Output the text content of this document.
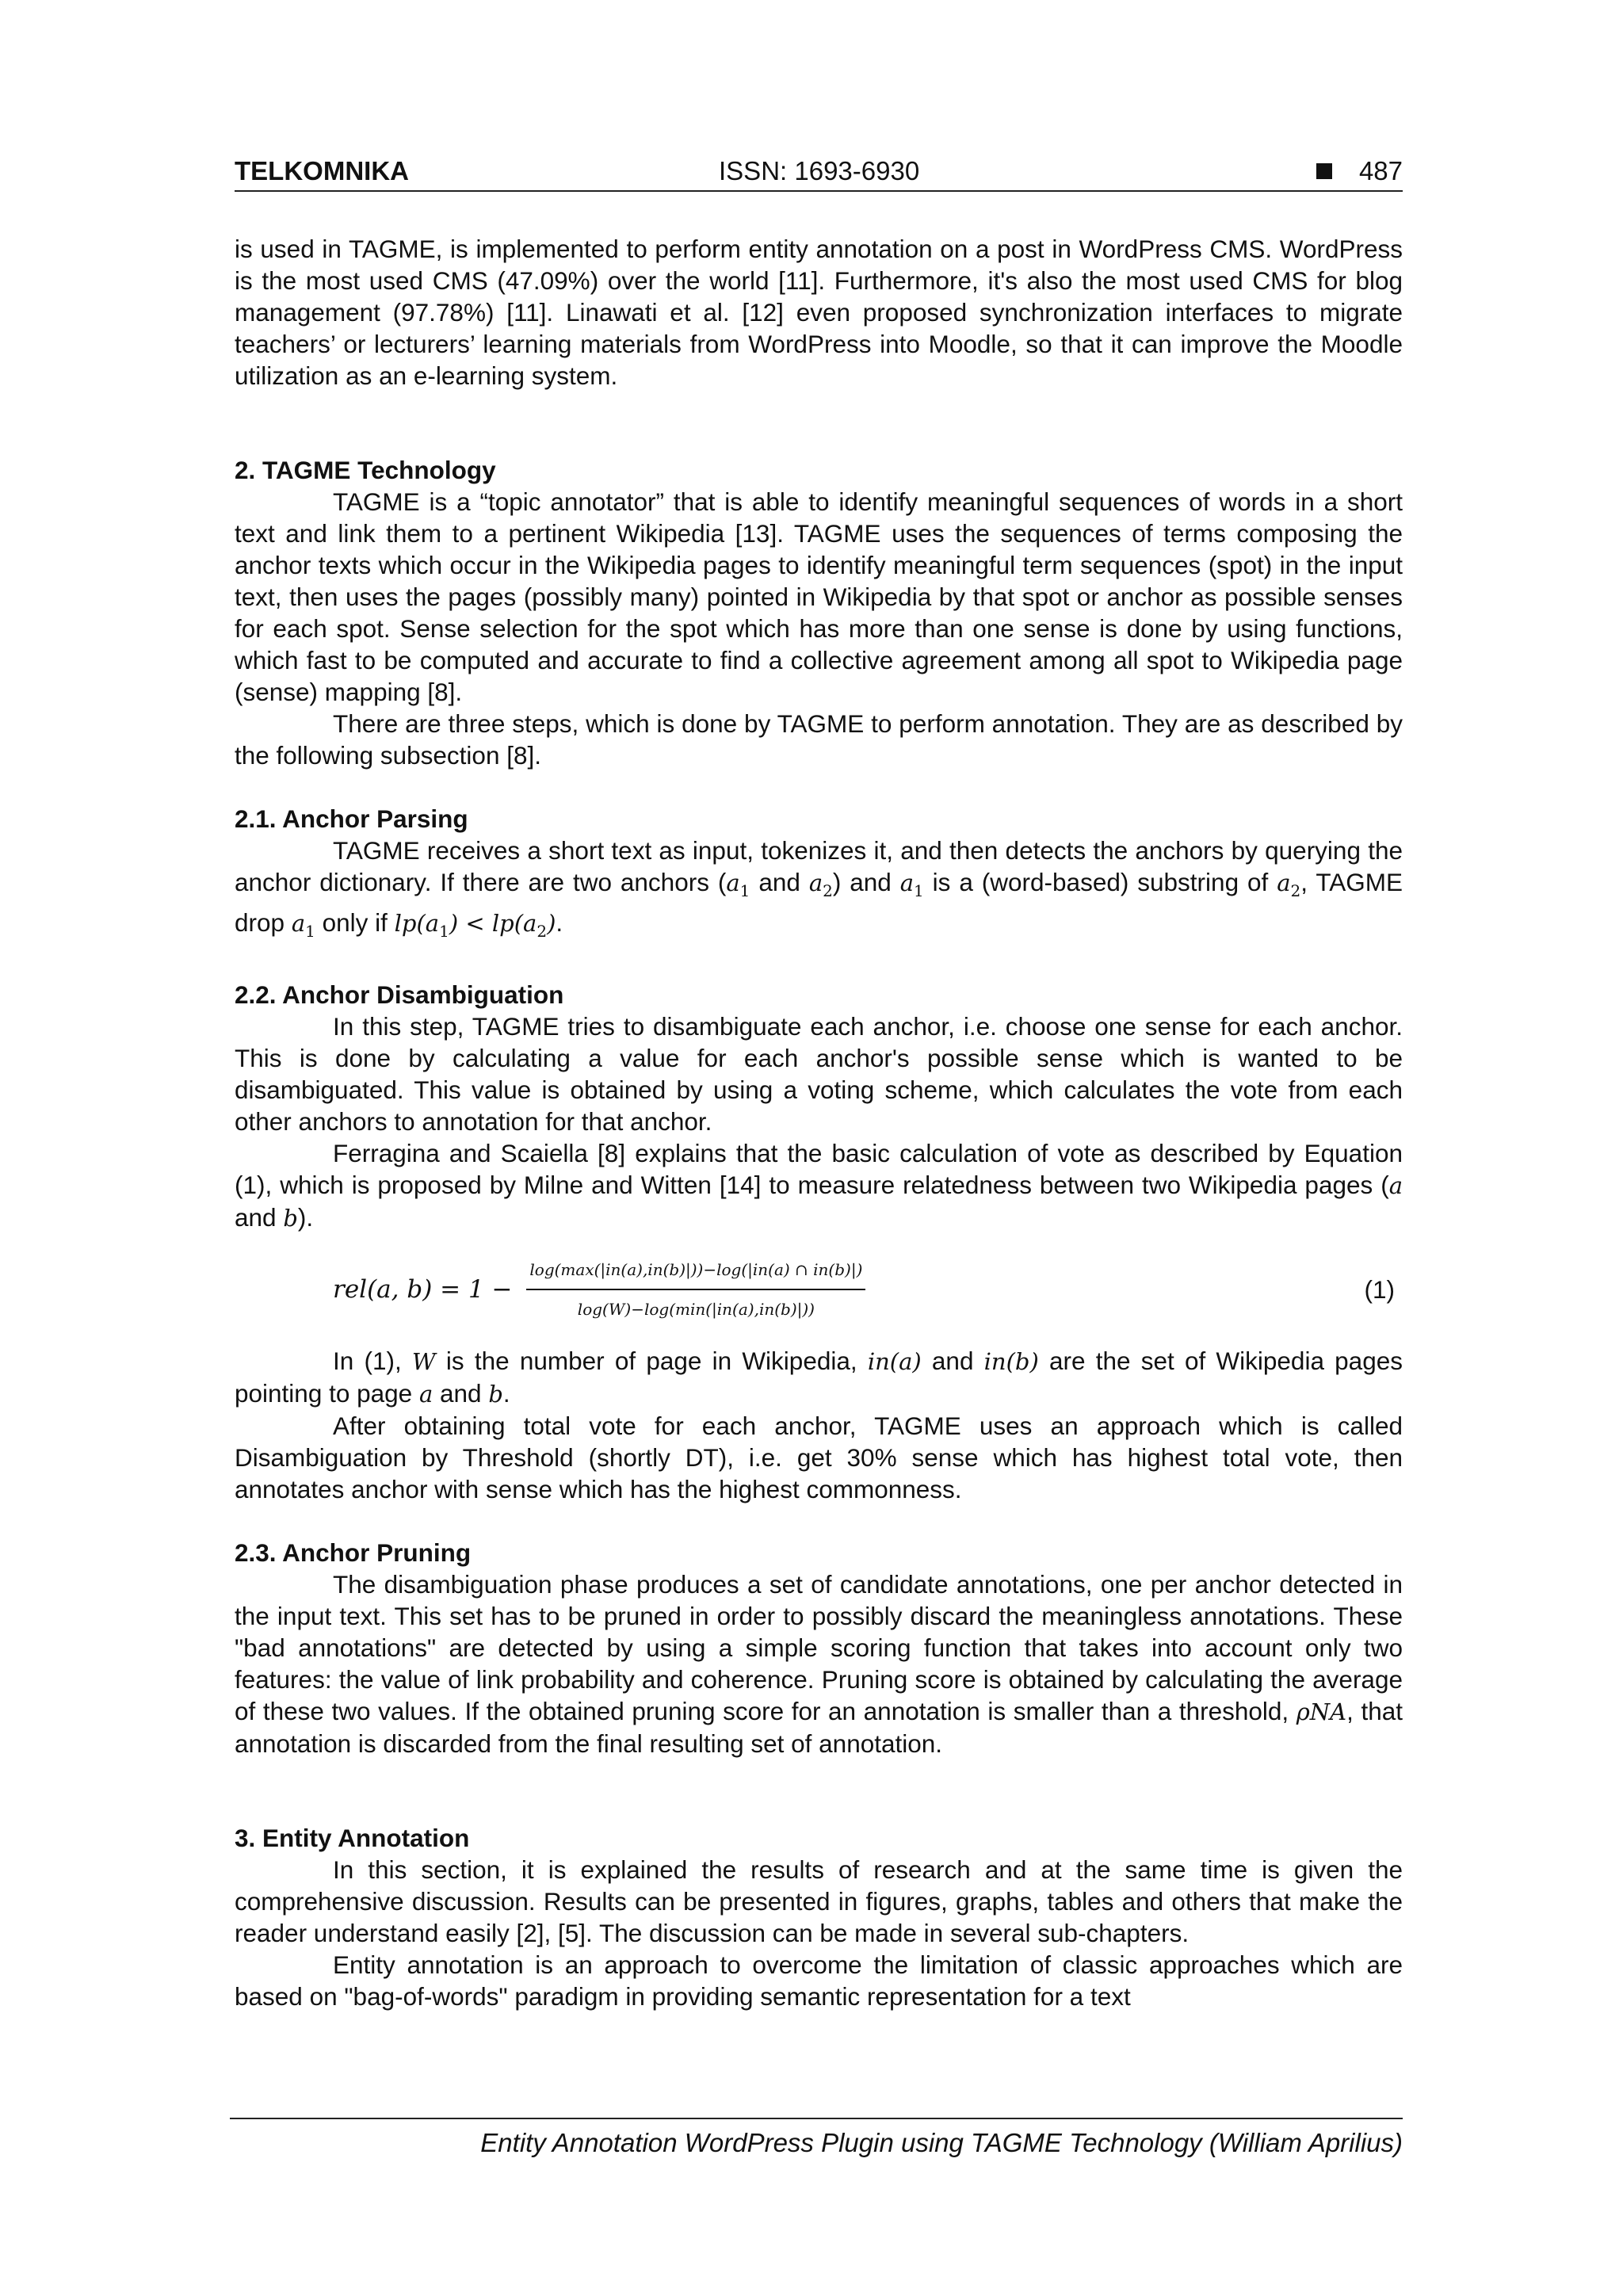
TELKOMNIKA	ISSN: 1693-6930	487

is used in TAGME, is implemented to perform entity annotation on a post in WordPress CMS. WordPress is the most used CMS (47.09%) over the world [11]. Furthermore, it's also the most used CMS for blog management (97.78%) [11]. Linawati et al. [12] even proposed synchronization interfaces to migrate teachers’ or lecturers’ learning materials from WordPress into Moodle, so that it can improve the Moodle utilization as an e-learning system.

2. TAGME Technology

TAGME is a “topic annotator” that is able to identify meaningful sequences of words in a short text and link them to a pertinent Wikipedia [13]. TAGME uses the sequences of terms composing the anchor texts which occur in the Wikipedia pages to identify meaningful term sequences (spot) in the input text, then uses the pages (possibly many) pointed in Wikipedia by that spot or anchor as possible senses for each spot. Sense selection for the spot which has more than one sense is done by using functions, which fast to be computed and accurate to find a collective agreement among all spot to Wikipedia page (sense) mapping [8].

There are three steps, which is done by TAGME to perform annotation. They are as described by the following subsection [8].

2.1. Anchor Parsing

TAGME receives a short text as input, tokenizes it, and then detects the anchors by querying the anchor dictionary. If there are two anchors ($a_1$ and $a_2$) and $a_1$ is a (word-based) substring of $a_2$, TAGME drop $a_1$ only if $lp(a_1) < lp(a_2)$.

2.2. Anchor Disambiguation

In this step, TAGME tries to disambiguate each anchor, i.e. choose one sense for each anchor. This is done by calculating a value for each anchor's possible sense which is wanted to be disambiguated. This value is obtained by using a voting scheme, which calculates the vote from each other anchors to annotation for that anchor.

Ferragina and Scaiella [8] explains that the basic calculation of vote as described by Equation (1), which is proposed by Milne and Witten [14] to measure relatedness between two Wikipedia pages (a and b).

rel(a, $b) = 1 - \frac{\log(\max(|in(a),in(b)|))-\log(|in(a) \cap in(b)|)}{\log(W)-\log(\min(|in(a),in(b)|))}$	(1)

In (1), W is the number of page in Wikipedia, in(a) and in(b) are the set of Wikipedia pages pointing to page a and b.

After obtaining total vote for each anchor, TAGME uses an approach which is called Disambiguation by Threshold (shortly DT), i.e. get 30% sense which has highest total vote, then annotates anchor with sense which has the highest commonness.

2.3. Anchor Pruning

The disambiguation phase produces a set of candidate annotations, one per anchor detected in the input text. This set has to be pruned in order to possibly discard the meaningless annotations. These "bad annotations" are detected by using a simple scoring function that takes into account only two features: the value of link probability and coherence. Pruning score is obtained by calculating the average of these two values. If the obtained pruning score for an annotation is smaller than a threshold, ρNA, that annotation is discarded from the final resulting set of annotation.

3. Entity Annotation

In this section, it is explained the results of research and at the same time is given the comprehensive discussion. Results can be presented in figures, graphs, tables and others that make the reader understand easily [2], [5]. The discussion can be made in several sub-chapters.

Entity annotation is an approach to overcome the limitation of classic approaches which are based on "bag-of-words" paradigm in providing semantic representation for a text

Entity Annotation WordPress Plugin using TAGME Technology (William Aprilius)
